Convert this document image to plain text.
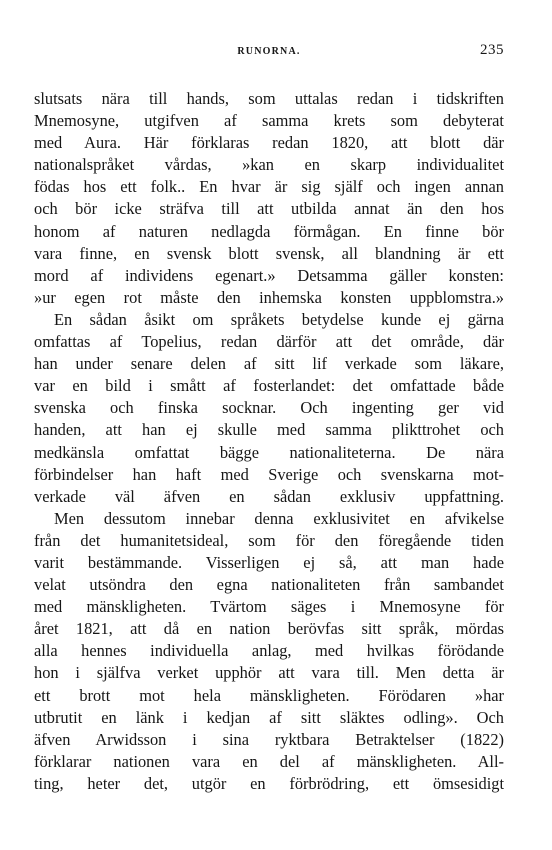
RUNORNA.	235
slutsats nära till hands, som uttalas redan i tidskriften
Mnemosyne, utgifven af samma krets som debyterat
med Aura. Här förklaras redan 1820, att blott där
nationalspråket vårdas, »kan en skarp individualitet
födas hos ett folk.. En hvar är sig själf och ingen annan
och bör icke sträfva till att utbilda annat än den hos
honom af naturen nedlagda förmågan. En finne bör
vara finne, en svensk blott svensk, all blandning är ett
mord af individens egenart.» Detsamma gäller konsten:
»ur egen rot måste den inhemska konsten uppblomstra.»
En sådan åsikt om språkets betydelse kunde ej gärna
omfattas af Topelius, redan därför att det område, där
han under senare delen af sitt lif verkade som läkare,
var en bild i smått af fosterlandet: det omfattade både
svenska och finska socknar. Och ingenting ger vid
handen, att han ej skulle med samma plikttrohet och
medkänsla omfattat bägge nationaliteterna. De nära
förbindelser han haft med Sverige och svenskarna mot-
verkade väl äfven en sådan exklusiv uppfattning.
Men dessutom innebar denna exklusivitet en afvikelse
från det humanitetsideal, som för den föregående tiden
varit bestämmande. Visserligen ej så, att man hade
velat utsöndra den egna nationaliteten från sambandet
med mänskligheten. Tvärtom säges i Mnemosyne för
året 1821, att då en nation berövfas sitt språk, mördas
alla hennes individuella anlag, med hvilkas förödande
hon i själfva verket upphör att vara till. Men detta är
ett brott mot hela mänskligheten. Förödaren »har
utbrutit en länk i kedjan af sitt släktes odling». Och
äfven Arwidsson i sina ryktbara Betraktelser (1822)
förklarar nationen vara en del af mänskligheten. All-
ting, heter det, utgör en förbrödring, ett ömsesidigt
